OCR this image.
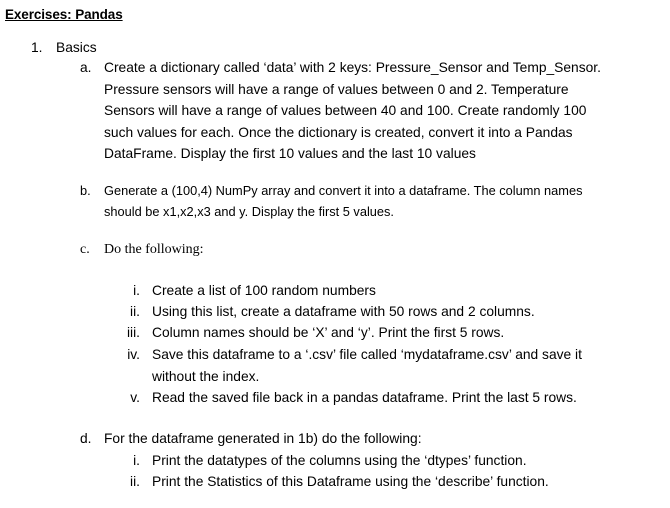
Exercises: Pandas
1. Basics
a. Create a dictionary called ‘data’ with 2 keys: Pressure_Sensor and Temp_Sensor.
Pressure sensors will have a range of values between 0 and 2. Temperature
Sensors will have a range of values between 40 and 100. Create randomly 100
such values for each. Once the dictionary is created, convert it into a Pandas
DataFrame. Display the first 10 values and the last 10 values
b. Generate a (100,4) NumPy array and convert it into a dataframe. The column names
should be x1,x2,x3 and y. Display the first 5 values.
c. Do the following:
i. Create a list of 100 random numbers
ii. Using this list, create a dataframe with 50 rows and 2 columns.
iii. Column names should be ‘X’ and ‘y’. Print the first 5 rows.
iv. Save this dataframe to a ‘.csv’ file called ‘mydataframe.csv’ and save it
without the index.
v. Read the saved file back in a pandas dataframe. Print the last 5 rows.
d. For the dataframe generated in 1b) do the following:
i. Print the datatypes of the columns using the ‘dtypes’ function.
ii. Print the Statistics of this Dataframe using the ‘describe’ function.
